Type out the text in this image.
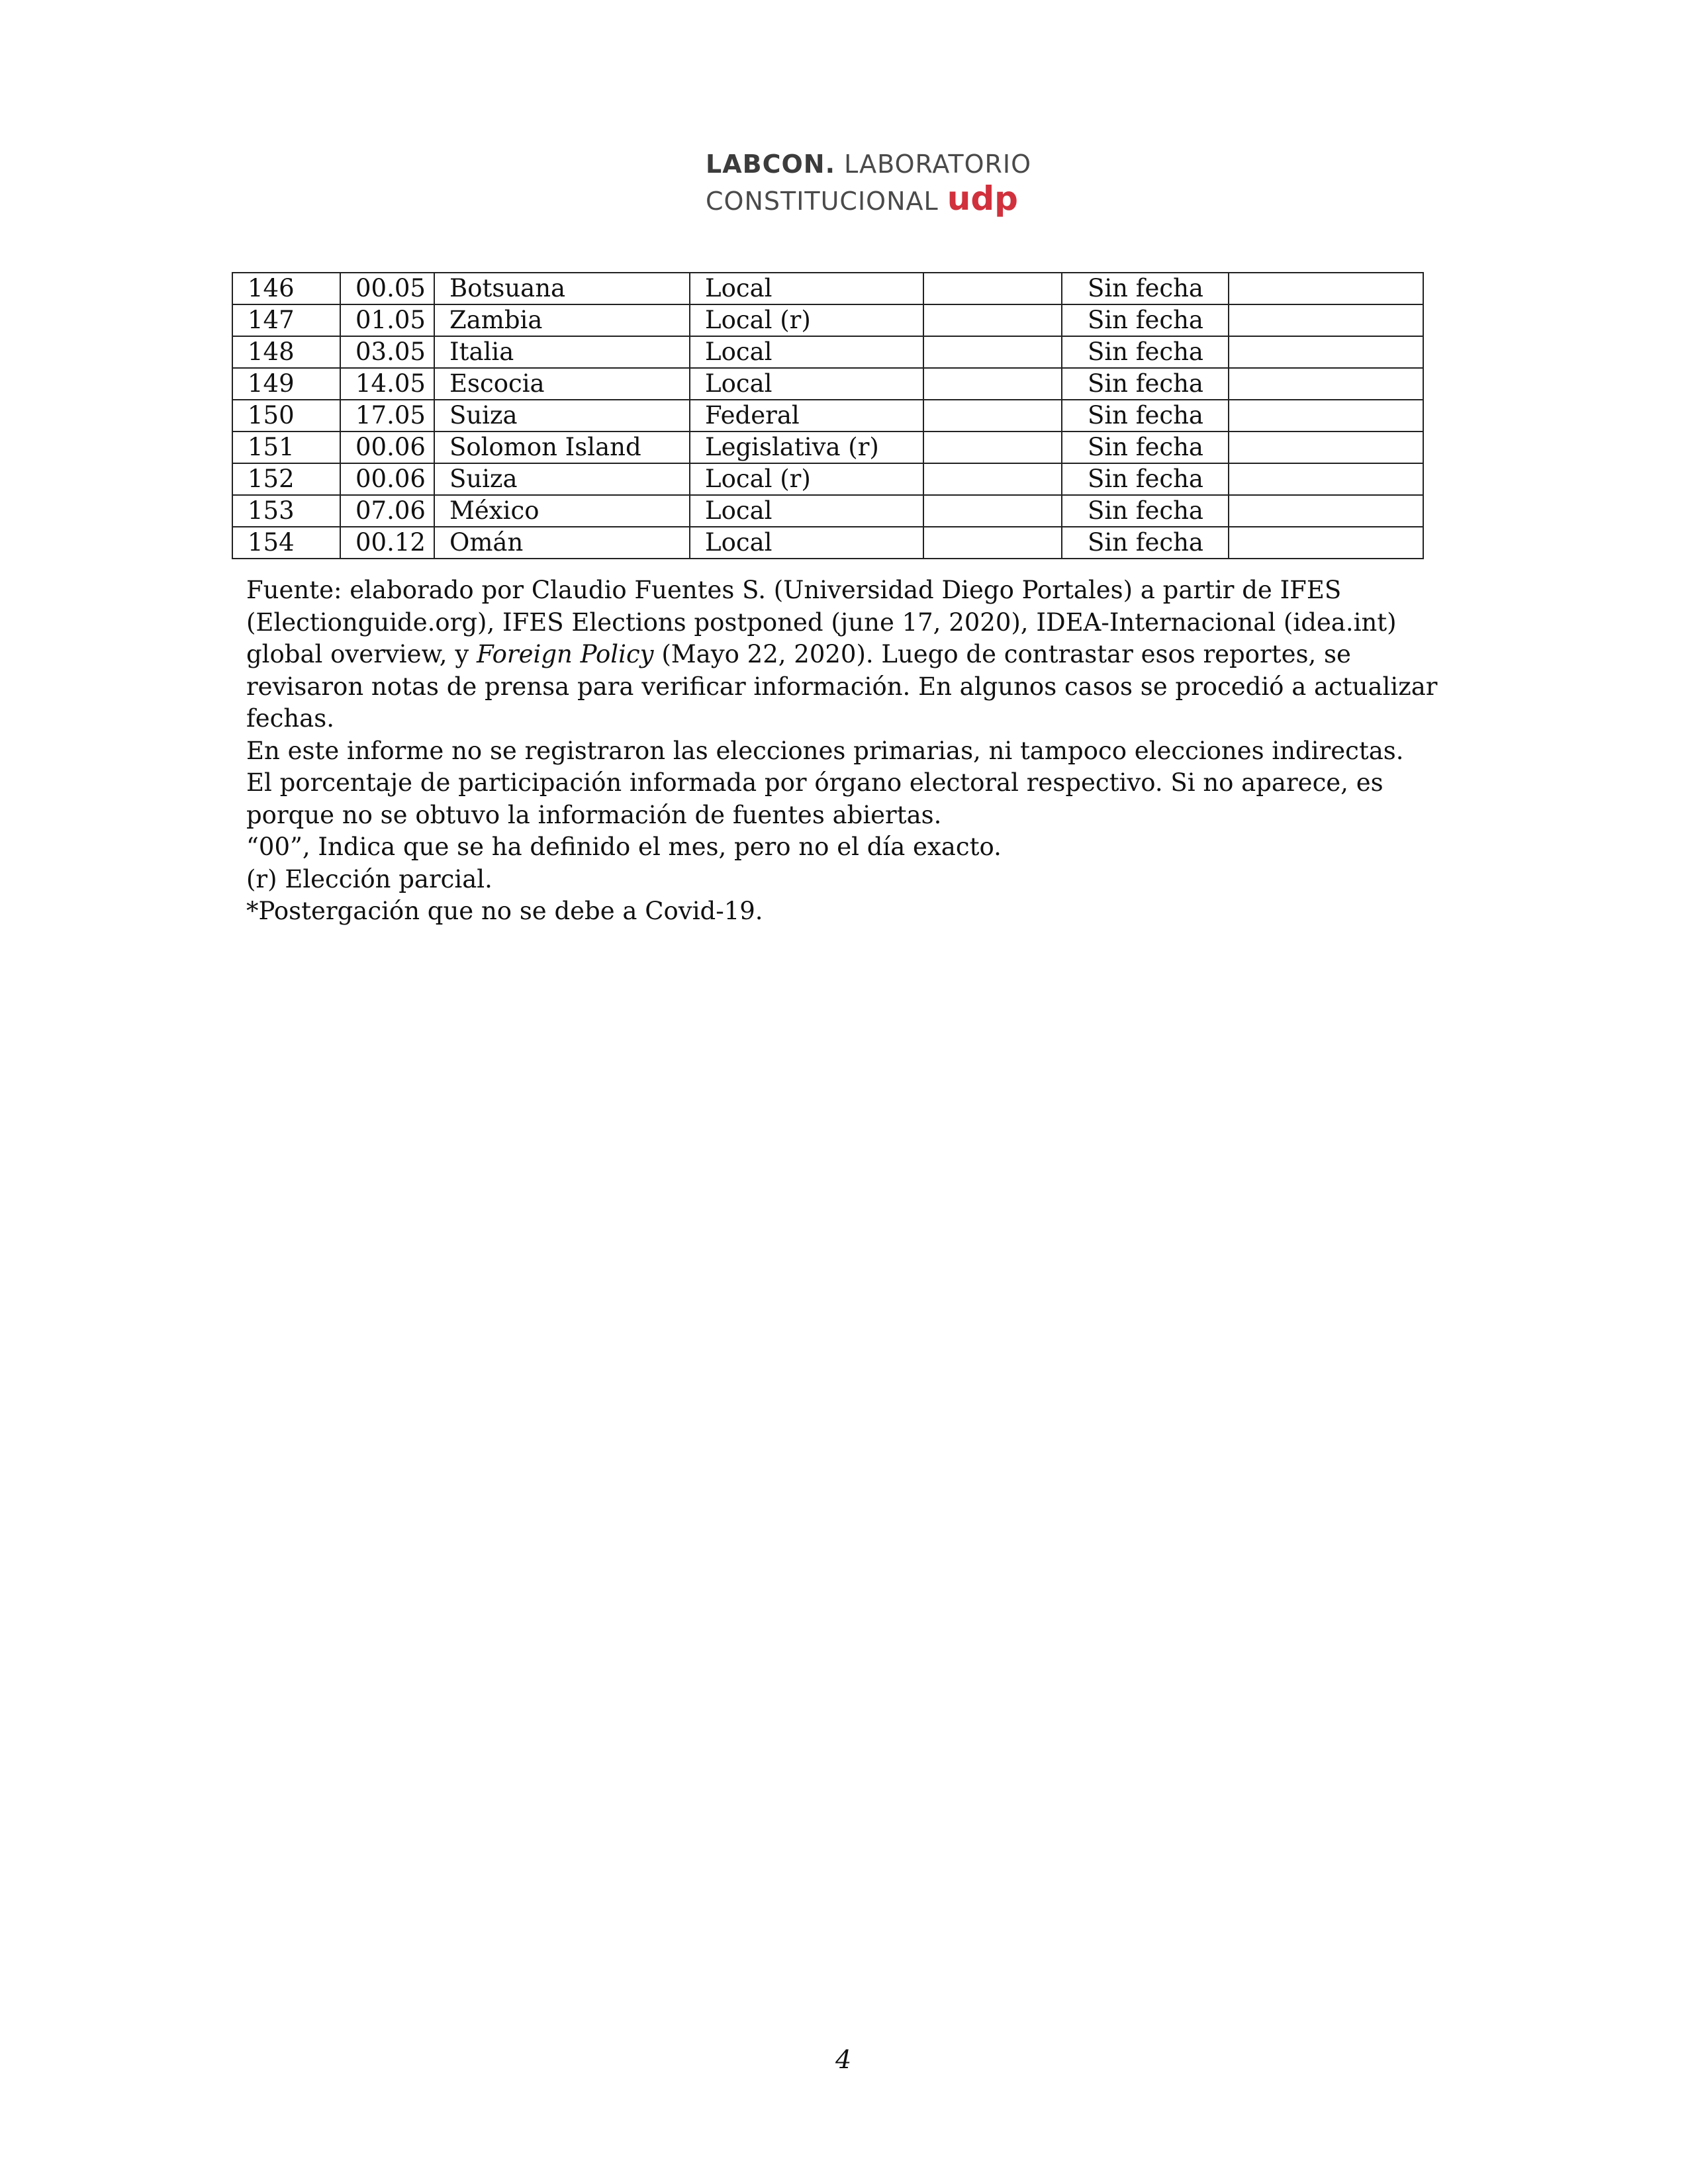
LABCON. LABORATORIO
CONSTITUCIONAL udp
146	00.05	Botsuana	Local		Sin fecha	
147	01.05	Zambia	Local (r)		Sin fecha	
148	03.05	Italia	Local		Sin fecha	
149	14.05	Escocia	Local		Sin fecha	
150	17.05	Suiza	Federal		Sin fecha	
151	00.06	Solomon Island	Legislativa (r)		Sin fecha	
152	00.06	Suiza	Local (r)		Sin fecha	
153	07.06	México	Local		Sin fecha	
154	00.12	Omán	Local		Sin fecha	

Fuente: elaborado por Claudio Fuentes S. (Universidad Diego Portales) a partir de IFES (Electionguide.org), IFES Elections postponed (june 17, 2020), IDEA-Internacional (idea.int) global overview, y Foreign Policy (Mayo 22, 2020). Luego de contrastar esos reportes, se revisaron notas de prensa para verificar información. En algunos casos se procedió a actualizar fechas.

En este informe no se registraron las elecciones primarias, ni tampoco elecciones indirectas.

El porcentaje de participación informada por órgano electoral respectivo. Si no aparece, es porque no se obtuvo la información de fuentes abiertas.

“00”, Indica que se ha definido el mes, pero no el día exacto.

(r) Elección parcial.

*Postergación que no se debe a Covid-19.

4
